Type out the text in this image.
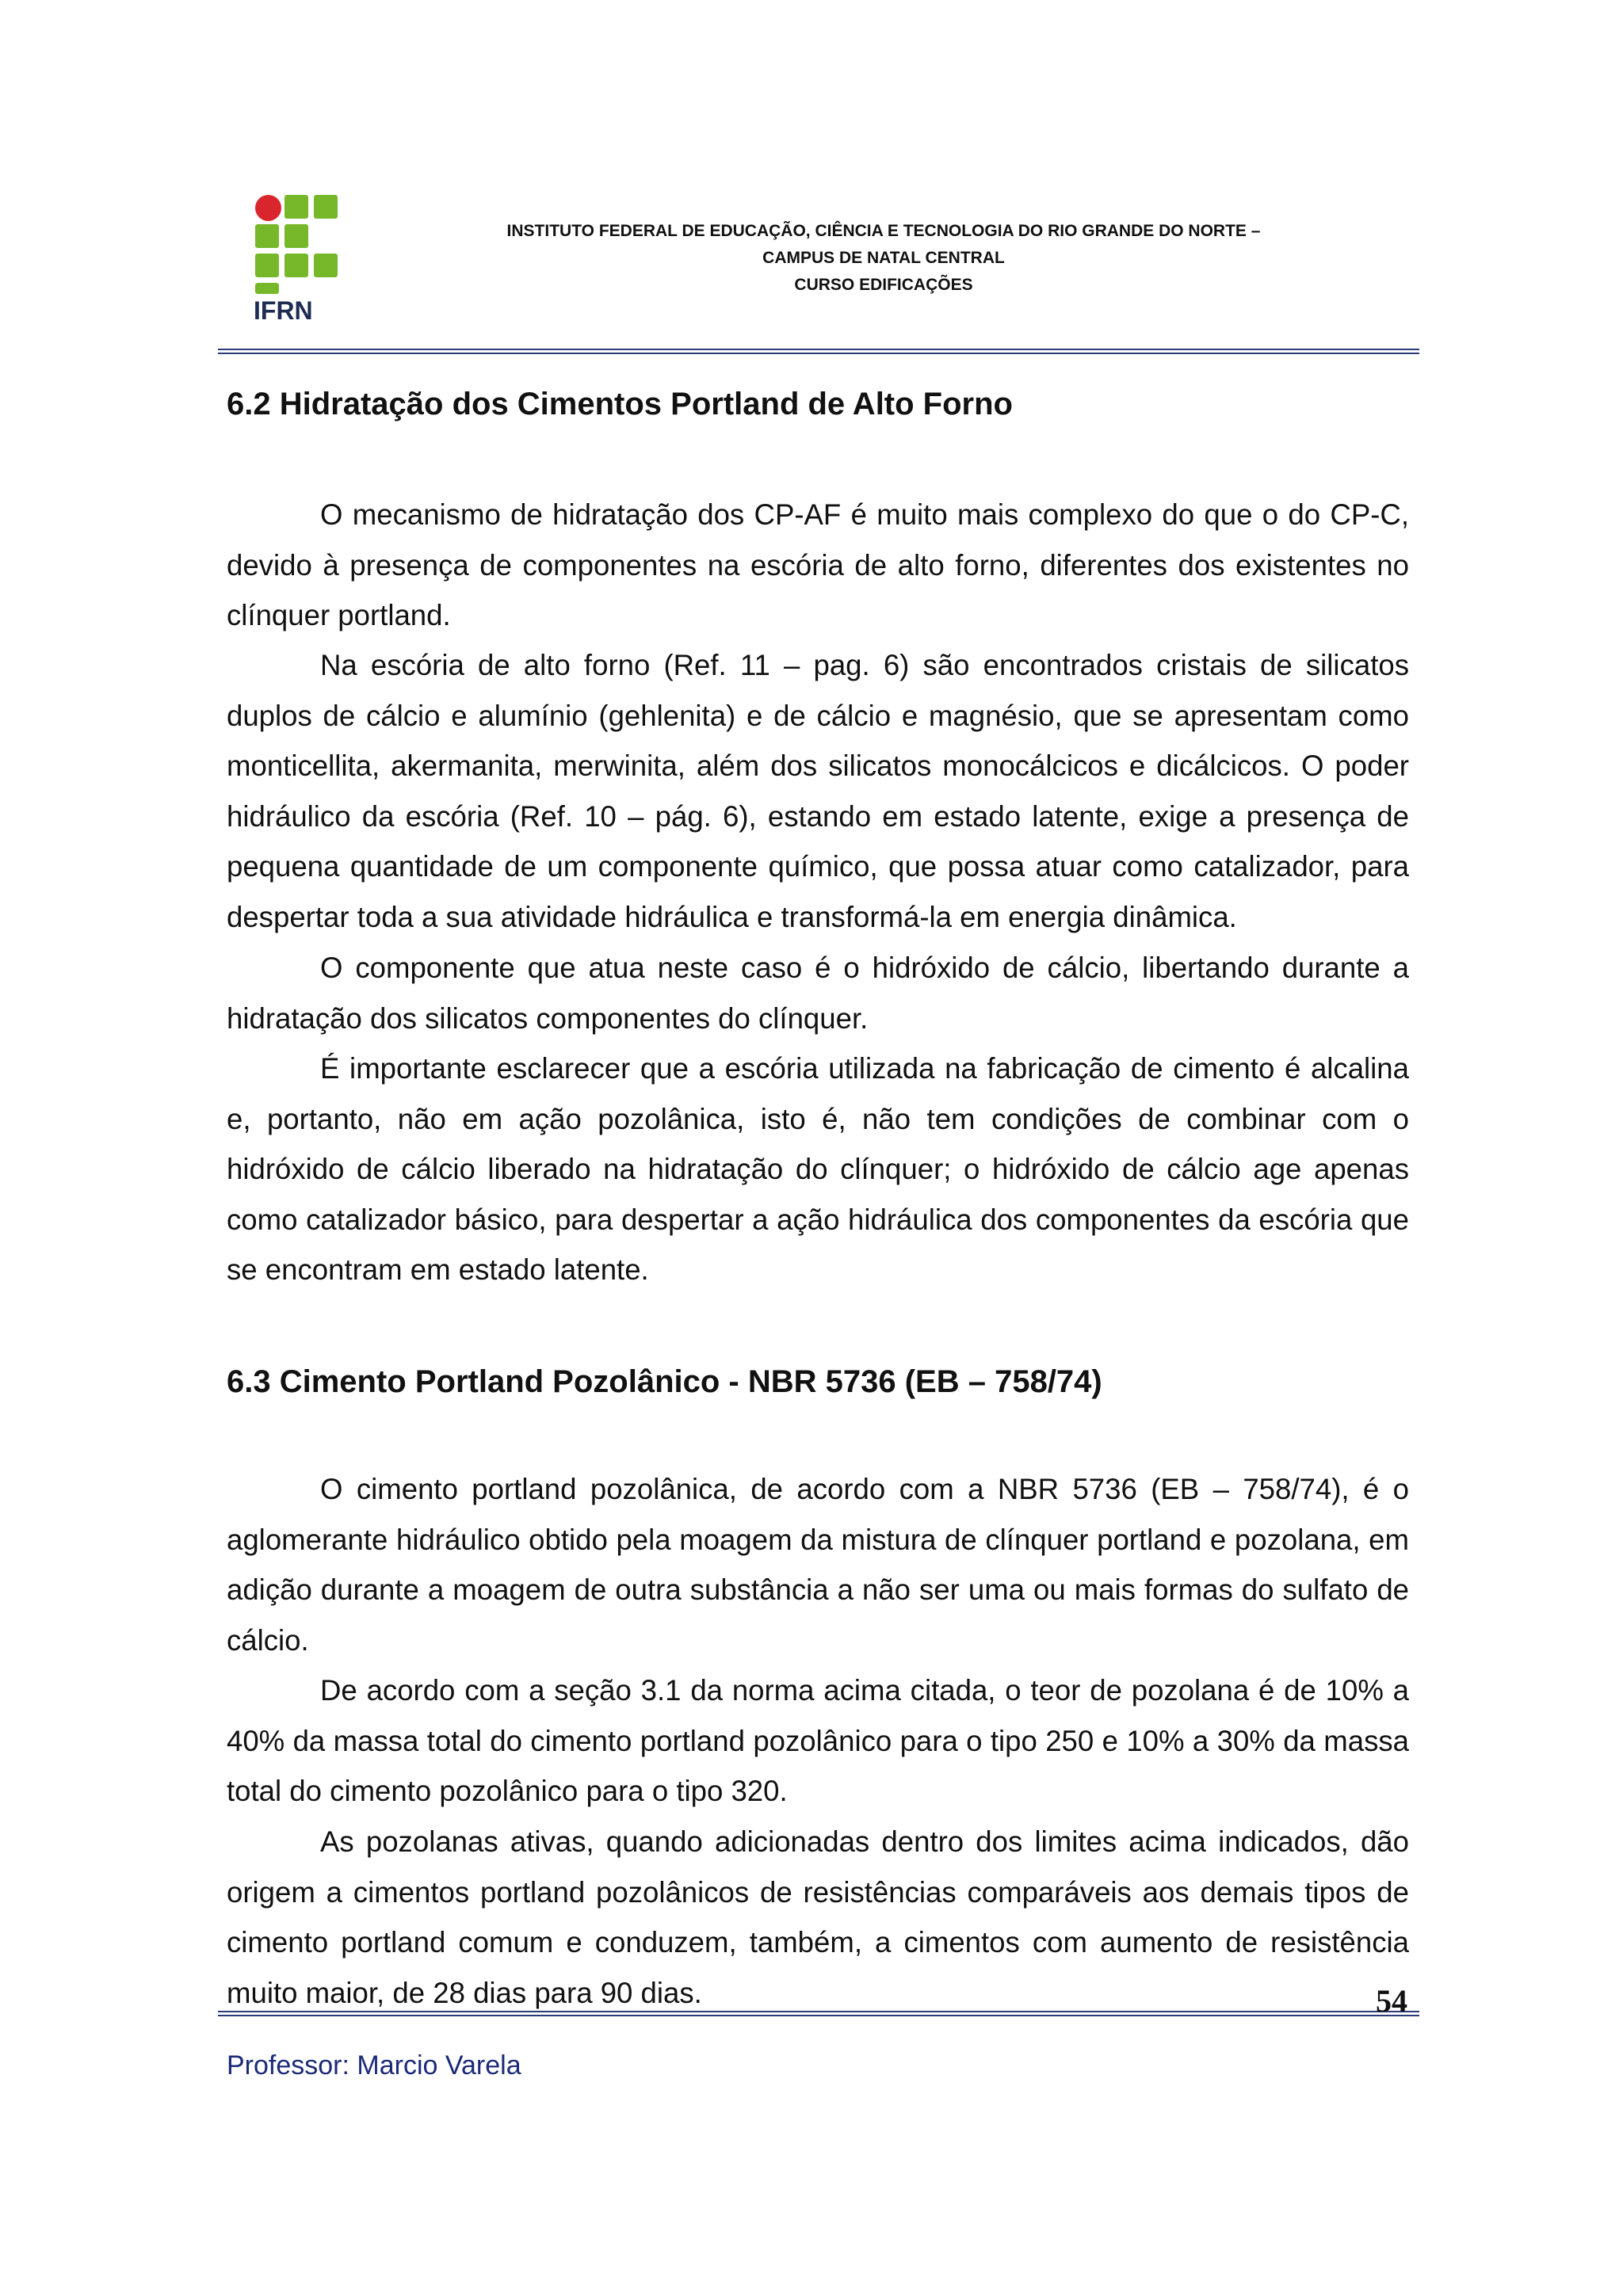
IFRN
INSTITUTO FEDERAL DE EDUCAÇÃO, CIÊNCIA E TECNOLOGIA DO RIO GRANDE DO NORTE –
CAMPUS DE NATAL CENTRAL
CURSO EDIFICAÇÕES
6.2 Hidratação dos Cimentos Portland de Alto Forno

O mecanismo de hidratação dos CP-AF é muito mais complexo do que o do CP-C, devido à presença de componentes na escória de alto forno, diferentes dos existentes no clínquer portland.

Na escória de alto forno (Ref. 11 – pag. 6) são encontrados cristais de silicatos duplos de cálcio e alumínio (gehlenita) e de cálcio e magnésio, que se apresentam como monticellita, akermanita, merwinita, além dos silicatos monocálcicos e dicálcicos. O poder hidráulico da escória (Ref. 10 – pág. 6), estando em estado latente, exige a presença de pequena quantidade de um componente químico, que possa atuar como catalizador, para despertar toda a sua atividade hidráulica e transformá-la em energia dinâmica.

O componente que atua neste caso é o hidróxido de cálcio, libertando durante a hidratação dos silicatos componentes do clínquer.

É importante esclarecer que a escória utilizada na fabricação de cimento é alcalina e, portanto, não em ação pozolânica, isto é, não tem condições de combinar com o hidróxido de cálcio liberado na hidratação do clínquer; o hidróxido de cálcio age apenas como catalizador básico, para despertar a ação hidráulica dos componentes da escória que se encontram em estado latente.

6.3 Cimento Portland Pozolânico - NBR 5736 (EB – 758/74)

O cimento portland pozolânica, de acordo com a NBR 5736 (EB – 758/74), é o aglomerante hidráulico obtido pela moagem da mistura de clínquer portland e pozolana, em adição durante a moagem de outra substância a não ser uma ou mais formas do sulfato de cálcio.

De acordo com a seção 3.1 da norma acima citada, o teor de pozolana é de 10% a 40% da massa total do cimento portland pozolânico para o tipo 250 e 10% a 30% da massa total do cimento pozolânico para o tipo 320.

As pozolanas ativas, quando adicionadas dentro dos limites acima indicados, dão origem a cimentos portland pozolânicos de resistências comparáveis aos demais tipos de cimento portland comum e conduzem, também, a cimentos com aumento de resistência muito maior, de 28 dias para 90 dias.	54
Professor: Marcio Varela
